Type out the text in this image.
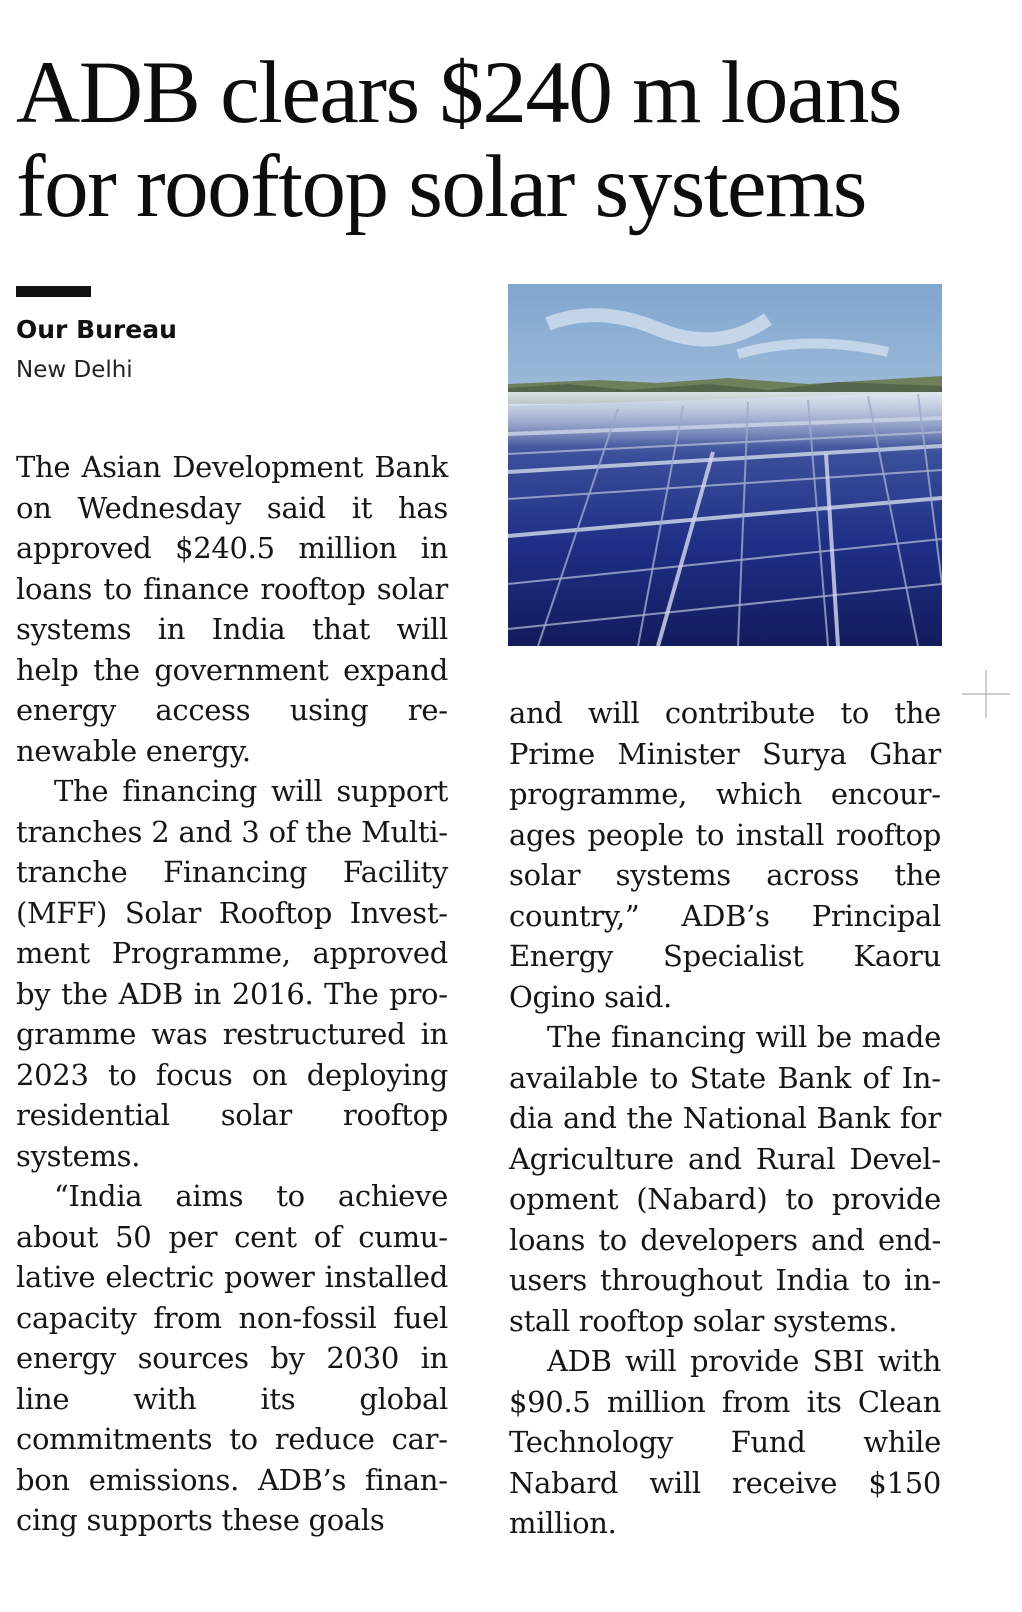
ADB clears $240 m loans
for rooftop solar systems
Our Bureau
New Delhi

The Asian Development Bank on Wednesday said it has approved $240.5 million in loans to finance rooftop solar systems in India that will help the government expand energy access using renewable energy.

The financing will support tranches 2 and 3 of the Multitranche Financing Facility (MFF) Solar Rooftop Investment Programme, approved by the ADB in 2016. The programme was restructured in 2023 to focus on deploying residential solar rooftop systems.

“India aims to achieve about 50 per cent of cumulative electric power installed capacity from non-fossil fuel energy sources by 2030 in line with its global commitments to reduce carbon emissions. ADB’s financing supports these goals

and will contribute to the Prime Minister Surya Ghar programme, which encourages people to install rooftop solar systems across the country,” ADB’s Principal Energy Specialist Kaoru Ogino said.

The financing will be made available to State Bank of India and the National Bank for Agriculture and Rural Development (Nabard) to provide loans to developers and end-users throughout India to install rooftop solar systems.

ADB will provide SBI with $90.5 million from its Clean Technology Fund while Nabard will receive $150 million.
